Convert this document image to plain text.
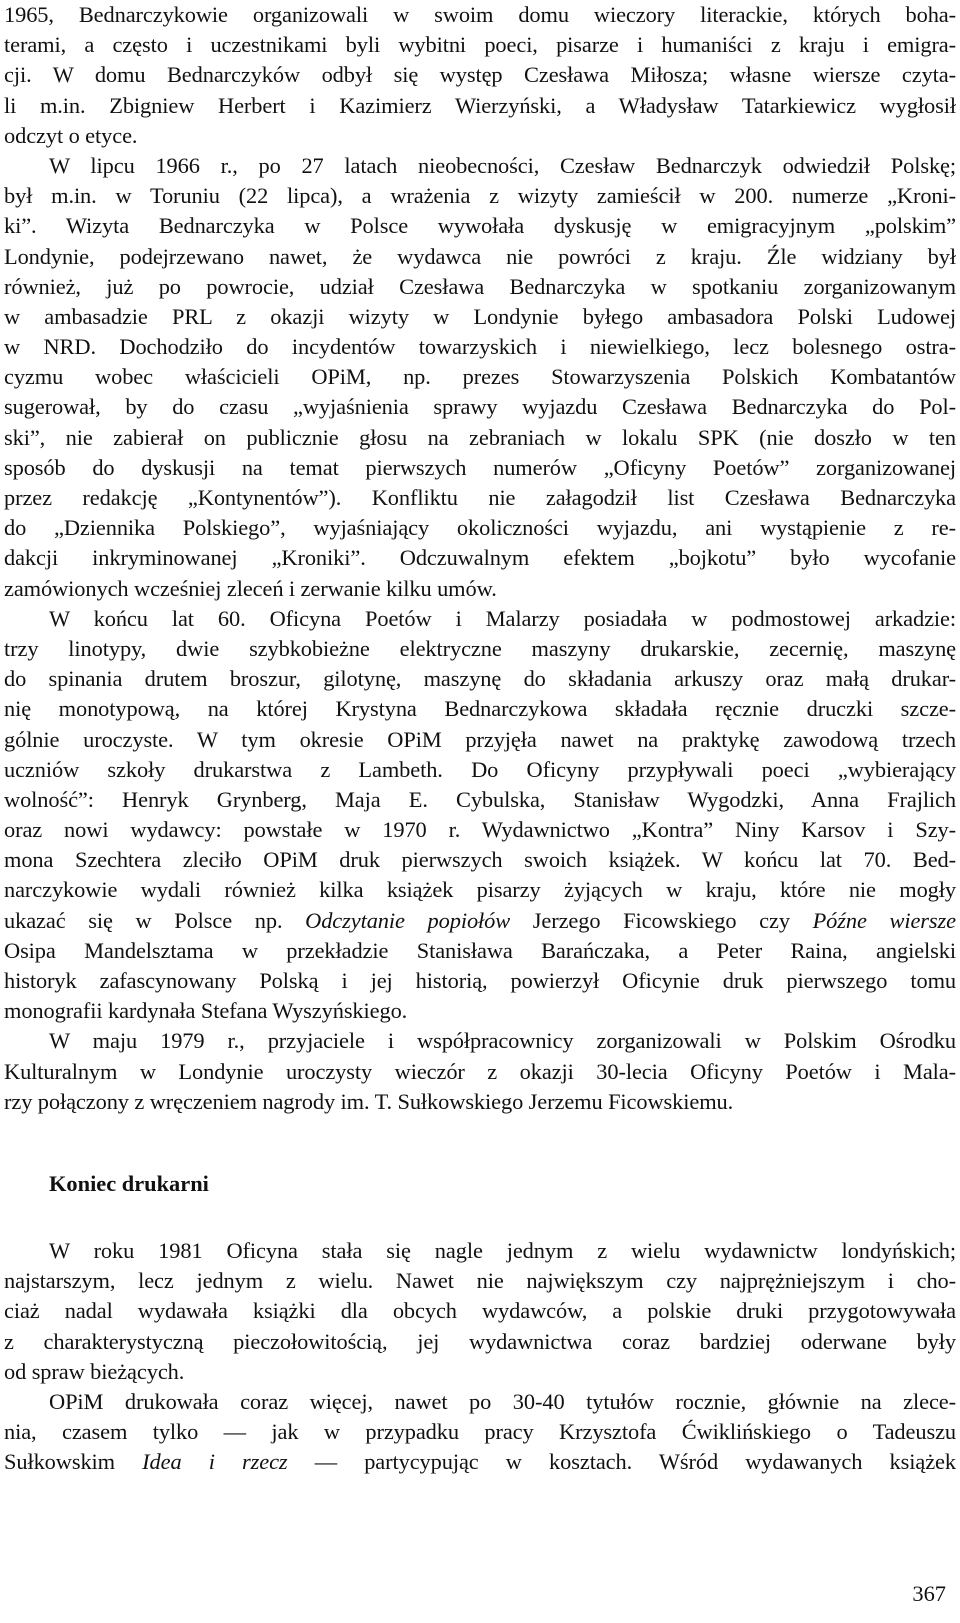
1965, Bednarczykowie organizowali w swoim domu wieczory literackie, których boha-
terami, a często i uczestnikami byli wybitni poeci, pisarze i humaniści z kraju i emigra-
cji. W domu Bednarczyków odbył się występ Czesława Miłosza; własne wiersze czyta-
li m.in. Zbigniew Herbert i Kazimierz Wierzyński, a Władysław Tatarkiewicz wygłosił
odczyt o etyce.
W lipcu 1966 r., po 27 latach nieobecności, Czesław Bednarczyk odwiedził Polskę;
był m.in. w Toruniu (22 lipca), a wrażenia z wizyty zamieścił w 200. numerze „Kroni-
ki”. Wizyta Bednarczyka w Polsce wywołała dyskusję w emigracyjnym „polskim”
Londynie, podejrzewano nawet, że wydawca nie powróci z kraju. Źle widziany był
również, już po powrocie, udział Czesława Bednarczyka w spotkaniu zorganizowanym
w ambasadzie PRL z okazji wizyty w Londynie byłego ambasadora Polski Ludowej
w NRD. Dochodziło do incydentów towarzyskich i niewielkiego, lecz bolesnego ostra-
cyzmu wobec właścicieli OPiM, np. prezes Stowarzyszenia Polskich Kombatantów
sugerował, by do czasu „wyjaśnienia sprawy wyjazdu Czesława Bednarczyka do Pol-
ski”, nie zabierał on publicznie głosu na zebraniach w lokalu SPK (nie doszło w ten
sposób do dyskusji na temat pierwszych numerów „Oficyny Poetów” zorganizowanej
przez redakcję „Kontynentów”). Konfliktu nie załagodził list Czesława Bednarczyka
do „Dziennika Polskiego”, wyjaśniający okoliczności wyjazdu, ani wystąpienie z re-
dakcji inkryminowanej „Kroniki”. Odczuwalnym efektem „bojkotu” było wycofanie
zamówionych wcześniej zleceń i zerwanie kilku umów.
W końcu lat 60. Oficyna Poetów i Malarzy posiadała w podmostowej arkadzie:
trzy linotypy, dwie szybkobieżne elektryczne maszyny drukarskie, zecernię, maszynę
do spinania drutem broszur, gilotynę, maszynę do składania arkuszy oraz małą drukar-
nię monotypową, na której Krystyna Bednarczykowa składała ręcznie druczki szcze-
gólnie uroczyste. W tym okresie OPiM przyjęła nawet na praktykę zawodową trzech
uczniów szkoły drukarstwa z Lambeth. Do Oficyny przypływali poeci „wybierający
wolność”: Henryk Grynberg, Maja E. Cybulska, Stanisław Wygodzki, Anna Frajlich
oraz nowi wydawcy: powstałe w 1970 r. Wydawnictwo „Kontra” Niny Karsov i Szy-
mona Szechtera zleciło OPiM druk pierwszych swoich książek. W końcu lat 70. Bed-
narczykowie wydali również kilka książek pisarzy żyjących w kraju, które nie mogły
ukazać się w Polsce np. Odczytanie popiołów Jerzego Ficowskiego czy Późne wiersze
Osipa Mandelsztama w przekładzie Stanisława Barańczaka, a Peter Raina, angielski
historyk zafascynowany Polską i jej historią, powierzył Oficynie druk pierwszego tomu
monografii kardynała Stefana Wyszyńskiego.
W maju 1979 r., przyjaciele i współpracownicy zorganizowali w Polskim Ośrodku
Kulturalnym w Londynie uroczysty wieczór z okazji 30-lecia Oficyny Poetów i Mala-
rzy połączony z wręczeniem nagrody im. T. Sułkowskiego Jerzemu Ficowskiemu.
Koniec drukarni
W roku 1981 Oficyna stała się nagle jednym z wielu wydawnictw londyńskich;
najstarszym, lecz jednym z wielu. Nawet nie największym czy najprężniejszym i cho-
ciaż nadal wydawała książki dla obcych wydawców, a polskie druki przygotowywała
z charakterystyczną pieczołowitością, jej wydawnictwa coraz bardziej oderwane były
od spraw bieżących.
OPiM drukowała coraz więcej, nawet po 30-40 tytułów rocznie, głównie na zlece-
nia, czasem tylko — jak w przypadku pracy Krzysztofa Ćwiklińskiego o Tadeuszu
Sułkowskim Idea i rzecz — partycypując w kosztach. Wśród wydawanych książek
367
